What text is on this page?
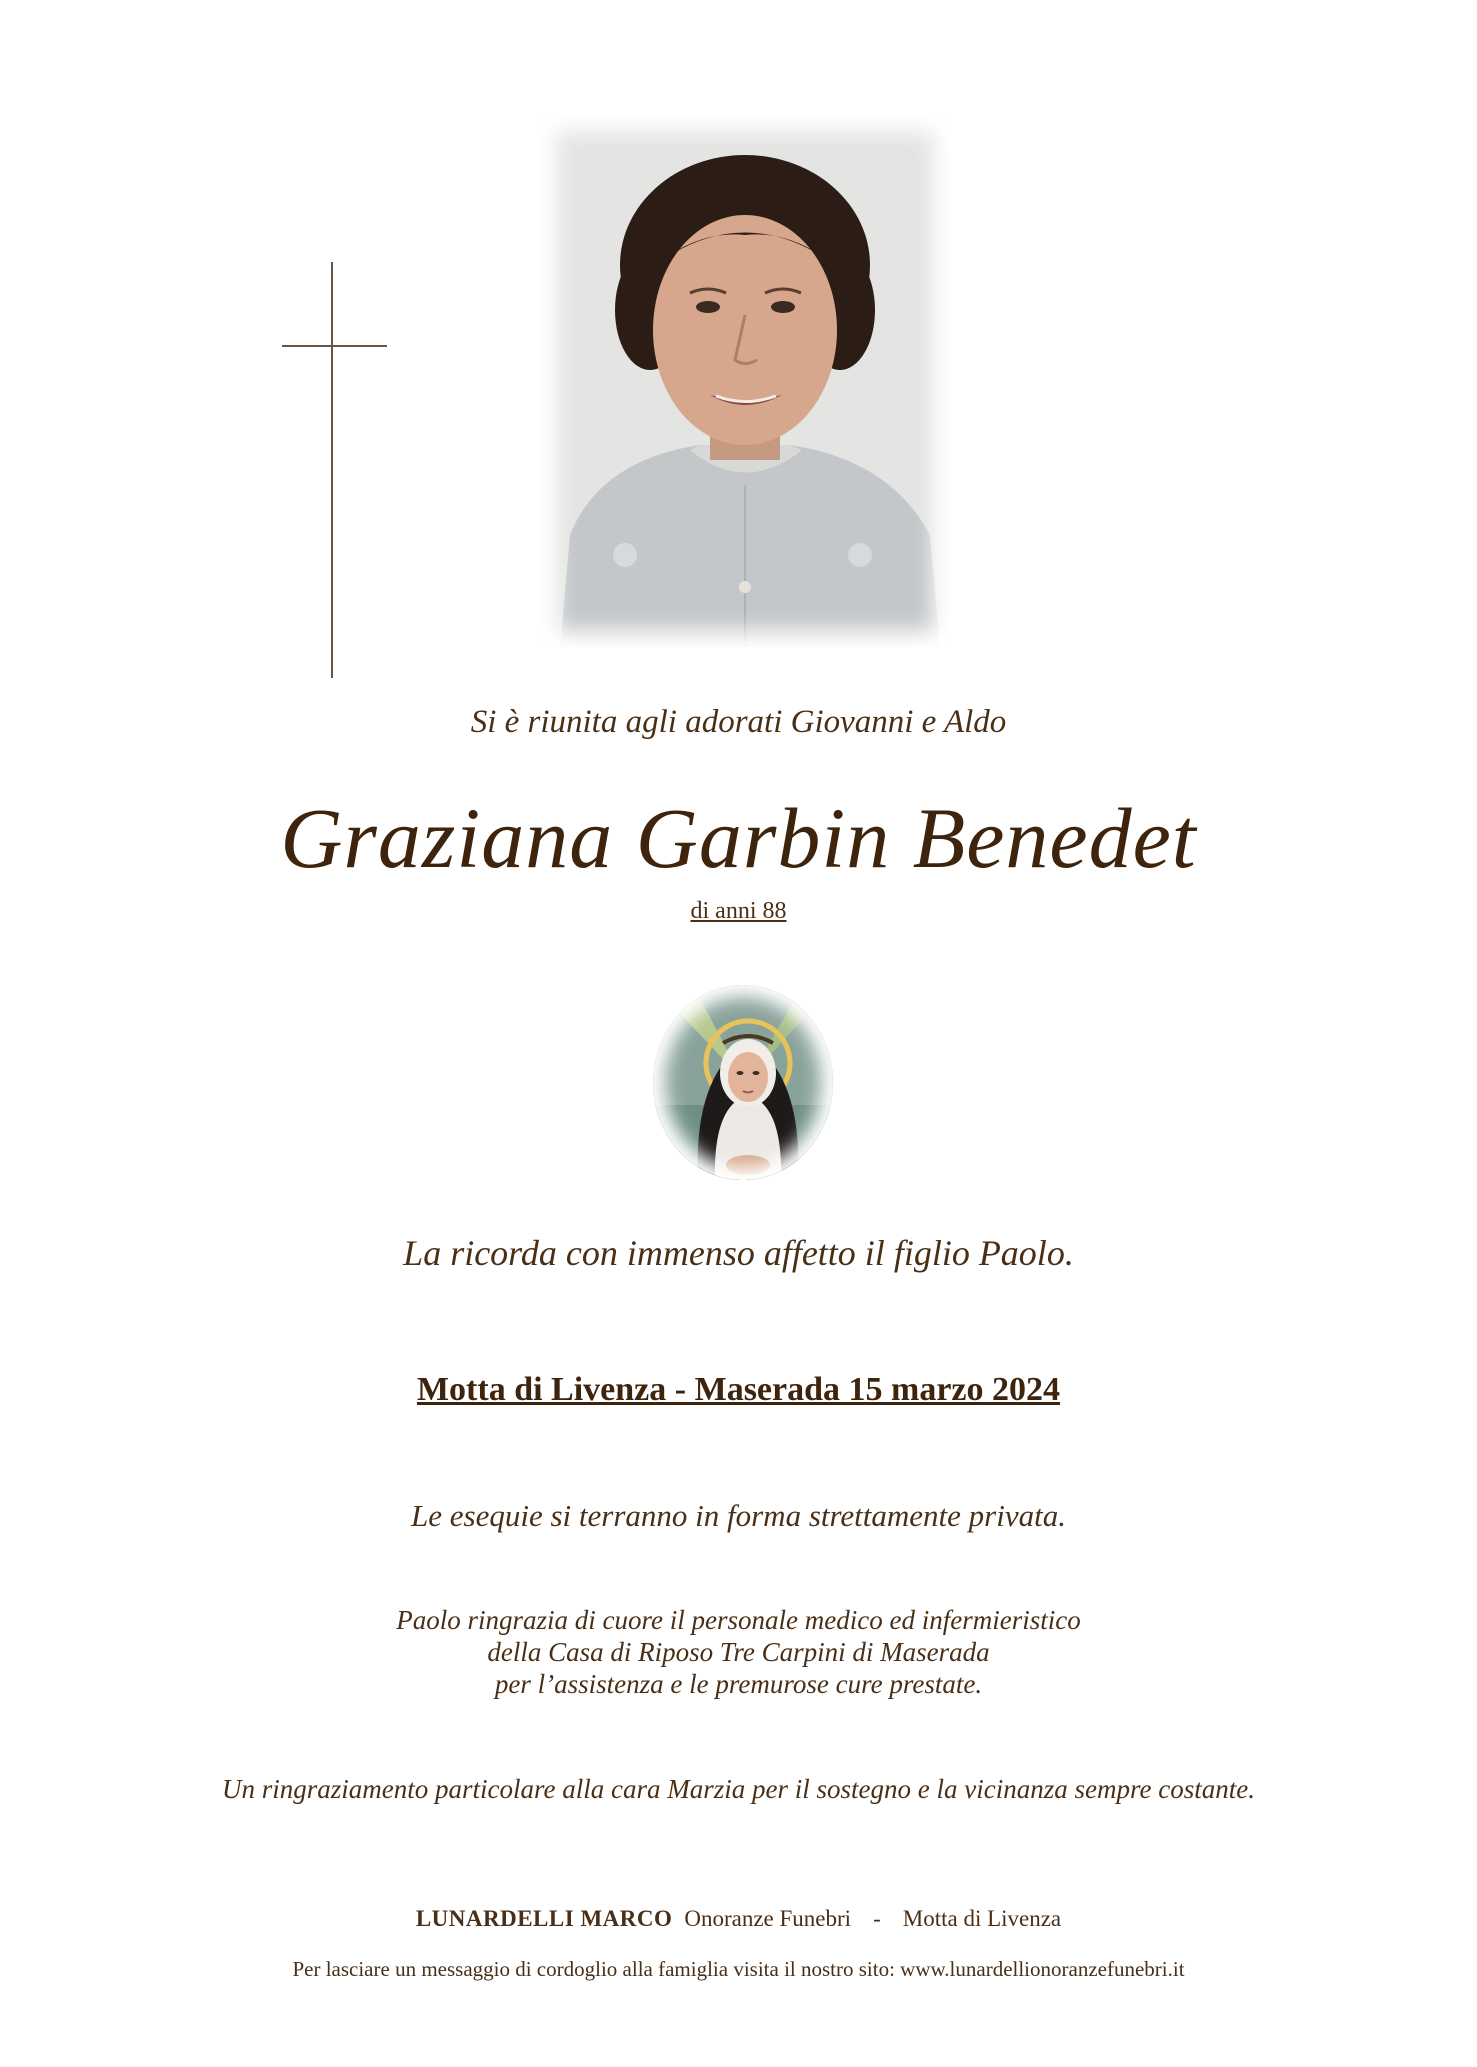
Si è riunita agli adorati Giovanni e Aldo
Graziana Garbin Benedet
di anni 88
La ricorda con immenso affetto il figlio Paolo.
Motta di Livenza - Maserada 15 marzo 2024
Le esequie si terranno in forma strettamente privata.
Paolo ringrazia di cuore il personale medico ed infermieristico
della Casa di Riposo Tre Carpini di Maserada
per l’assistenza e le premurose cure prestate.
Un ringraziamento particolare alla cara Marzia per il sostegno e la vicinanza sempre costante.
LUNARDELLI MARCO Onoranze Funebri - Motta di Livenza
Per lasciare un messaggio di cordoglio alla famiglia visita il nostro sito: www.lunardellionoranzefunebri.it
